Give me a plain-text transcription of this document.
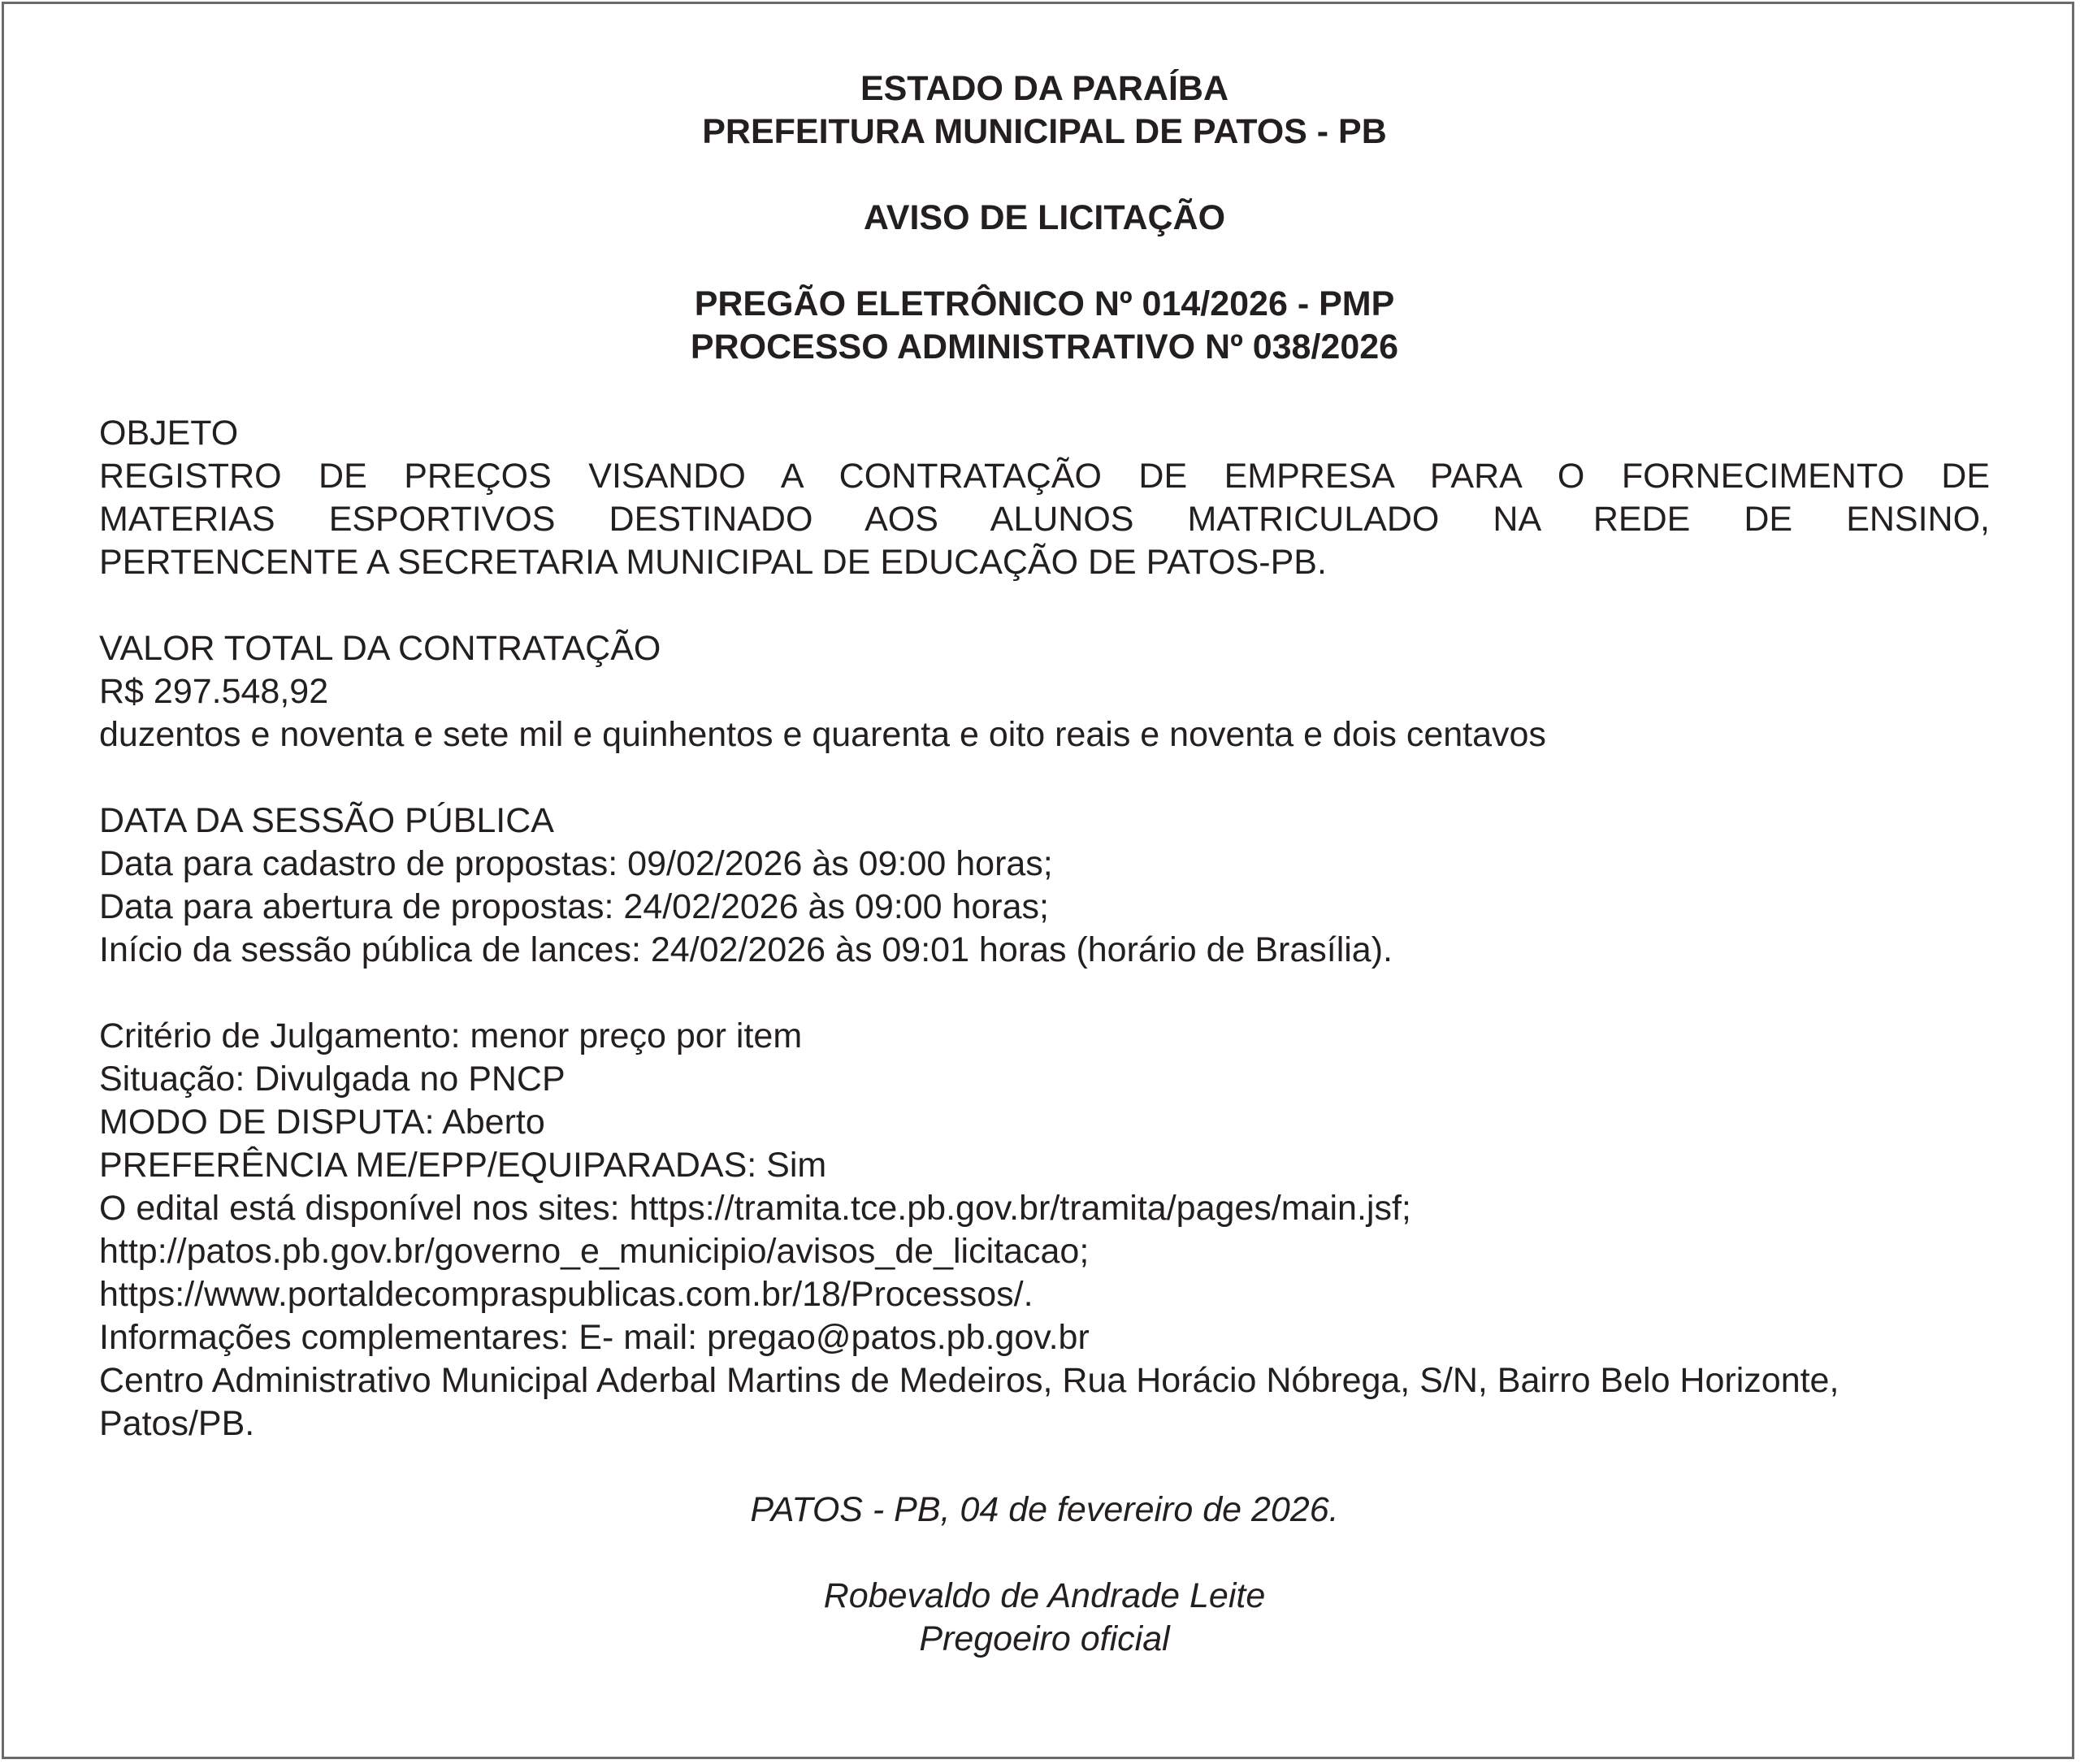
ESTADO DA PARAÍBA
PREFEITURA MUNICIPAL DE PATOS - PB
AVISO DE LICITAÇÃO
PREGÃO ELETRÔNICO Nº 014/2026 - PMP
PROCESSO ADMINISTRATIVO Nº 038/2026
OBJETO
REGISTRO DE PREÇOS VISANDO A CONTRATAÇÃO DE EMPRESA PARA O FORNECIMENTO DE
MATERIAS ESPORTIVOS DESTINADO AOS ALUNOS MATRICULADO NA REDE DE ENSINO,
PERTENCENTE A SECRETARIA MUNICIPAL DE EDUCAÇÃO DE PATOS-PB.
VALOR TOTAL DA CONTRATAÇÃO
R$ 297.548,92
duzentos e noventa e sete mil e quinhentos e quarenta e oito reais e noventa e dois centavos
DATA DA SESSÃO PÚBLICA
Data para cadastro de propostas: 09/02/2026 às 09:00 horas;
Data para abertura de propostas: 24/02/2026 às 09:00 horas;
Início da sessão pública de lances: 24/02/2026 às 09:01 horas (horário de Brasília).
Critério de Julgamento: menor preço por item
Situação: Divulgada no PNCP
MODO DE DISPUTA: Aberto
PREFERÊNCIA ME/EPP/EQUIPARADAS: Sim
O edital está disponível nos sites: https://tramita.tce.pb.gov.br/tramita/pages/main.jsf;
http://patos.pb.gov.br/governo_e_municipio/avisos_de_licitacao;
https://www.portaldecompraspublicas.com.br/18/Processos/.
Informações complementares: E- mail: pregao@patos.pb.gov.br
Centro Administrativo Municipal Aderbal Martins de Medeiros, Rua Horácio Nóbrega, S/N, Bairro Belo Horizonte,
Patos/PB.
PATOS - PB, 04 de fevereiro de 2026.
Robevaldo de Andrade Leite
Pregoeiro oficial
